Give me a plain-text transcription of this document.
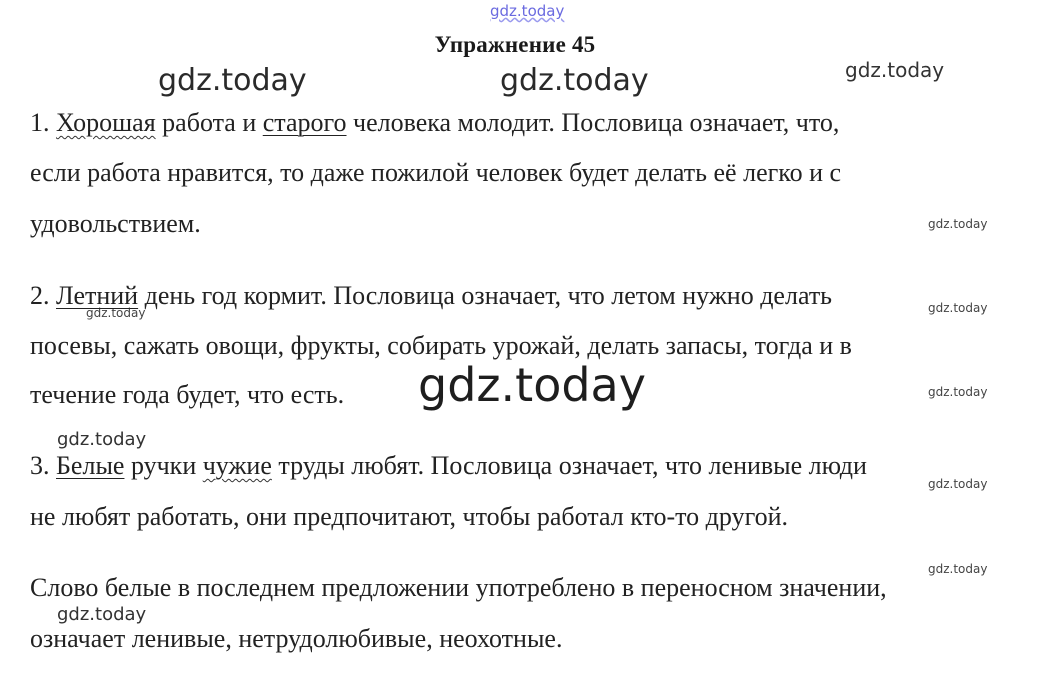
gdz.today
gdz.today	gdz.today	gdz.today
gdz.today
gdz.today	gdz.today
gdz.today	gdz.today
gdz.today
gdz.today
gdz.today
gdz.today
Упражнение 45
1. Хорошая работа и старого человека молодит. Пословица означает, что,
если работа нравится, то даже пожилой человек будет делать её легко и с
удовольствием.
2. Летний день год кормит. Пословица означает, что летом нужно делать
посевы, сажать овощи, фрукты, собирать урожай, делать запасы, тогда и в
течение года будет, что есть.
3. Белые ручки чужие труды любят. Пословица означает, что ленивые люди
не любят работать, они предпочитают, чтобы работал кто-то другой.
Слово белые в последнем предложении употреблено в переносном значении,
означает ленивые, нетрудолюбивые, неохотные.
